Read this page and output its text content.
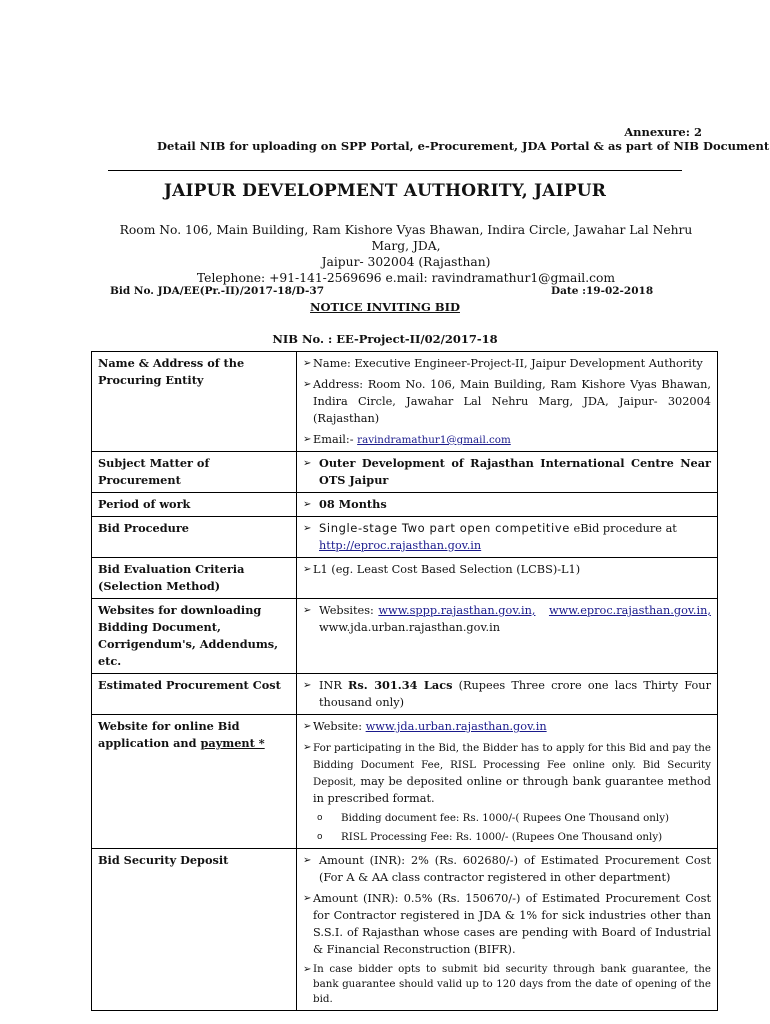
Annexure: 2
Detail NIB for uploading on SPP Portal, e-Procurement, JDA Portal & as part of NIB Document
JAIPUR DEVELOPMENT AUTHORITY, JAIPUR
Room No. 106, Main Building, Ram Kishore Vyas Bhawan, Indira Circle, Jawahar Lal Nehru Marg, JDA,
Jaipur- 302004 (Rajasthan)
Telephone: +91-141-2569696 e.mail: ravindramathur1@gmail.com
Bid No. JDA/EE(Pr.-II)/2017-18/D-37	Date :19-02-2018
NOTICE INVITING BID
NIB No. : EE-Project-II/02/2017-18
Name & Address of the Procuring Entity	➢ Name: Executive Engineer-Project-II, Jaipur Development Authority
➢ Address: Room No. 106, Main Building, Ram Kishore Vyas Bhawan, Indira Circle, Jawahar Lal Nehru Marg, JDA, Jaipur- 302004 (Rajasthan)
➢ Email:- ravindramathur1@gmail.com

Subject Matter of Procurement	➢ Outer Development of Rajasthan International Centre Near OTS Jaipur

Period of work	➢ 08 Months

Bid Procedure	➢ Single-stage Two part open competitive eBid procedure at
http://eproc.rajasthan.gov.in

Bid Evaluation Criteria (Selection Method)	➢ L1 (eg. Least Cost Based Selection (LCBS)-L1)

Websites for downloading Bidding Document, Corrigendum's, Addendums, etc.	➢ Websites: www.sppp.rajasthan.gov.in, www.eproc.rajasthan.gov.in, www.jda.urban.rajasthan.gov.in

Estimated Procurement Cost	➢ INR Rs. 301.34 Lacs (Rupees Three crore one lacs Thirty Four thousand only)

Website for online Bid application and payment *	➢ Website: www.jda.urban.rajasthan.gov.in
➢ For participating in the Bid, the Bidder has to apply for this Bid and pay the Bidding Document Fee, RISL Processing Fee online only. Bid Security Deposit, may be deposited online or through bank guarantee method in prescribed format.
o Bidding document fee: Rs. 1000/-( Rupees One Thousand only)
o RISL Processing Fee: Rs. 1000/- (Rupees One Thousand only)

Bid Security Deposit	➢ Amount (INR): 2% (Rs. 602680/-) of Estimated Procurement Cost (For A & AA class contractor registered in other department)
➢ Amount (INR): 0.5% (Rs. 150670/-) of Estimated Procurement Cost for Contractor registered in JDA & 1% for sick industries other than S.S.I. of Rajasthan whose cases are pending with Board of Industrial & Financial Reconstruction (BIFR).
➢ In case bidder opts to submit bid security through bank guarantee, the bank guarantee should valid up to 120 days from the date of opening of the bid.
